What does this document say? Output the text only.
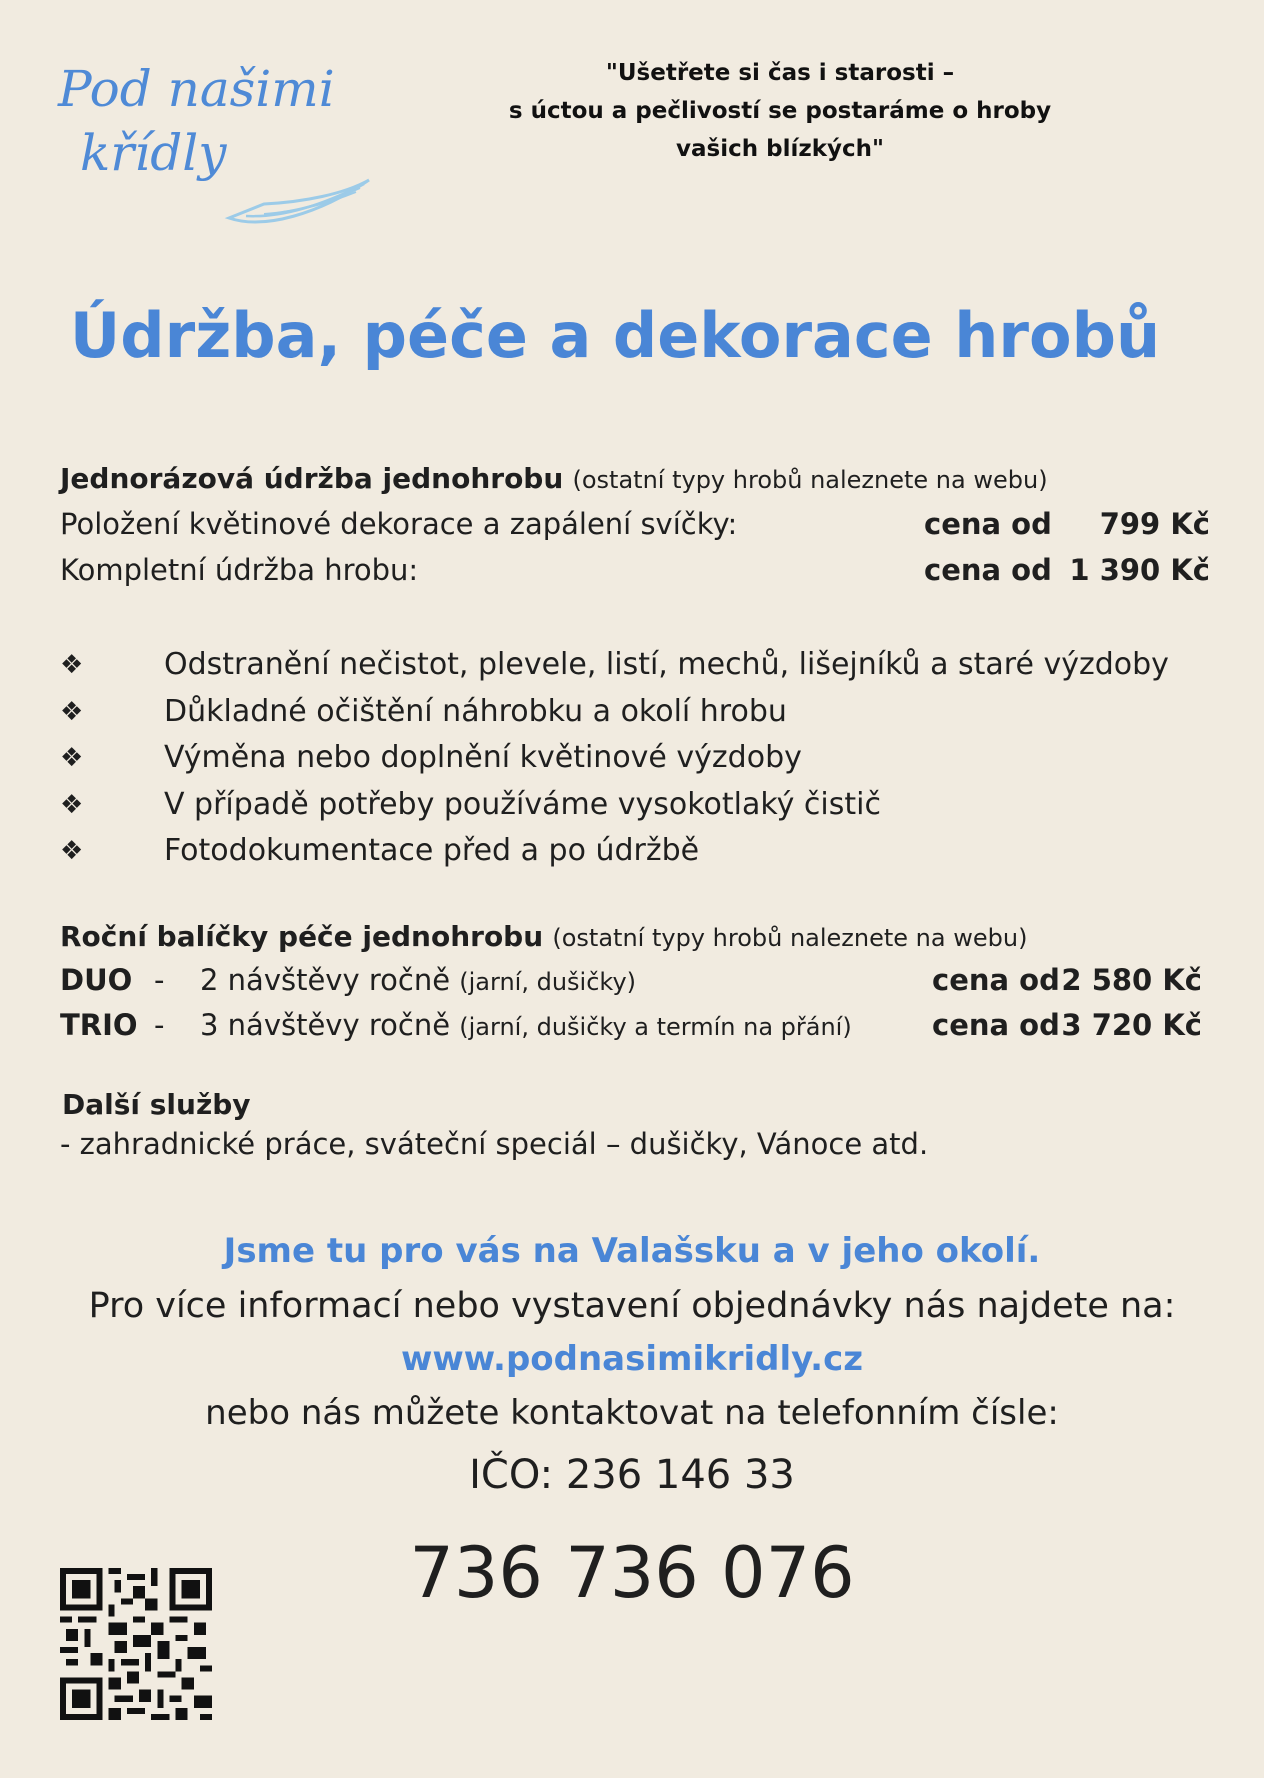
Pod našimi
křídly
"Ušetřete si čas i starosti –
s úctou a pečlivostí se postaráme o hroby
vašich blízkých"
Údržba, péče a dekorace hrobů
Jednorázová údržba jednohrobu (ostatní typy hrobů naleznete na webu)
Položení květinové dekorace a zapálení svíčky:	cena od 799 Kč
Kompletní údržba hrobu:	cena od 1 390 Kč
❖	Odstranění nečistot, plevele, listí, mechů, lišejníků a staré výzdoby
❖	Důkladné očištění náhrobku a okolí hrobu
❖	Výměna nebo doplnění květinové výzdoby
❖	V případě potřeby používáme vysokotlaký čistič
❖	Fotodokumentace před a po údržbě
Roční balíčky péče jednohrobu (ostatní typy hrobů naleznete na webu)
DUO - 2 návštěvy ročně (jarní, dušičky)	cena od 2 580 Kč
TRIO - 3 návštěvy ročně (jarní, dušičky a termín na přání)	cena od 3 720 Kč
Další služby
- zahradnické práce, sváteční speciál – dušičky, Vánoce atd.
Jsme tu pro vás na Valašsku a v jeho okolí.
Pro více informací nebo vystavení objednávky nás najdete na:
www.podnasimikridly.cz
nebo nás můžete kontaktovat na telefonním čísle:
IČO: 236 146 33
736 736 076
